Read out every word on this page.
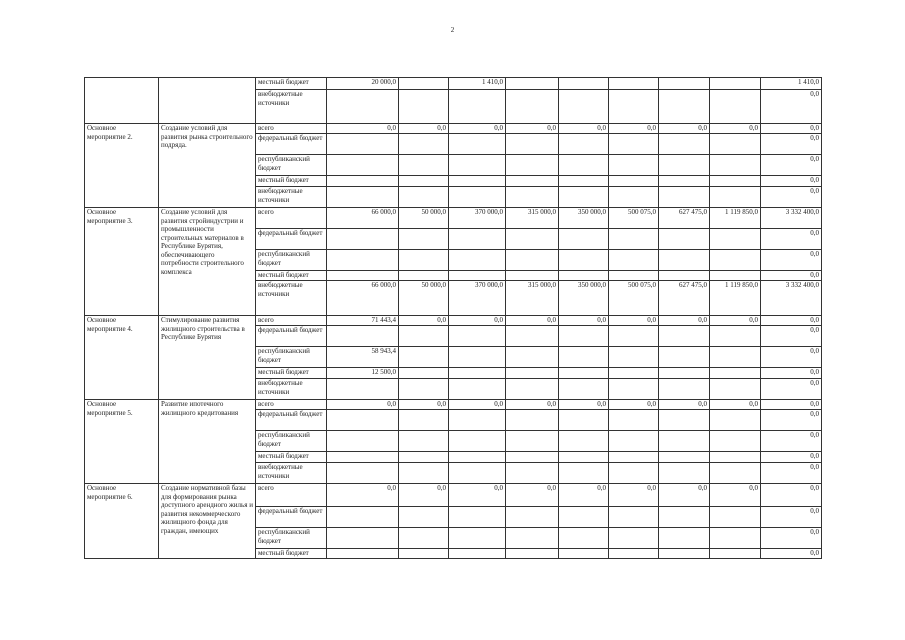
2
		местный бюджет	20 000,0		1 410,0						1 410,0
		внебюджетные источники									0,0
Основное мероприятие 2.	Создание условий для развития рынка строительного подряда.	всего	0,0	0,0	0,0	0,0	0,0	0,0	0,0	0,0	0,0
		федеральный бюджет									0,0
		республиканский бюджет									0,0
		местный бюджет									0,0
		внебюджетные источники									0,0
Основное мероприятие 3.	Создание условий для развития стройиндустрии и промышленности строительных материалов в Республике Бурятия, обеспечивающего потребности строительного комплекса	всего	66 000,0	50 000,0	370 000,0	315 000,0	350 000,0	500 075,0	627 475,0	1 119 850,0	3 332 400,0
		федеральный бюджет									0,0
		республиканский бюджет									0,0
		местный бюджет									0,0
		внебюджетные источники	66 000,0	50 000,0	370 000,0	315 000,0	350 000,0	500 075,0	627 475,0	1 119 850,0	3 332 400,0
Основное мероприятие 4.	Стимулирование развития жилищного строительства в Республике Бурятия	всего	71 443,4	0,0	0,0	0,0	0,0	0,0	0,0	0,0	0,0
		федеральный бюджет									0,0
		республиканский бюджет	58 943,4								0,0
		местный бюджет	12 500,0								0,0
		внебюджетные источники									0,0
Основное мероприятие 5.	Развитие ипотечного жилищного кредитования	всего	0,0	0,0	0,0	0,0	0,0	0,0	0,0	0,0	0,0
		федеральный бюджет									0,0
		республиканский бюджет									0,0
		местный бюджет									0,0
		внебюджетные источники									0,0
Основное мероприятие 6.	Создание нормативной базы для формирования рынка доступного арендного жилья и развития некоммерческого жилищного фонда для граждан, имеющих	всего	0,0	0,0	0,0	0,0	0,0	0,0	0,0	0,0	0,0
		федеральный бюджет									0,0
		республиканский бюджет									0,0
		местный бюджет									0,0
